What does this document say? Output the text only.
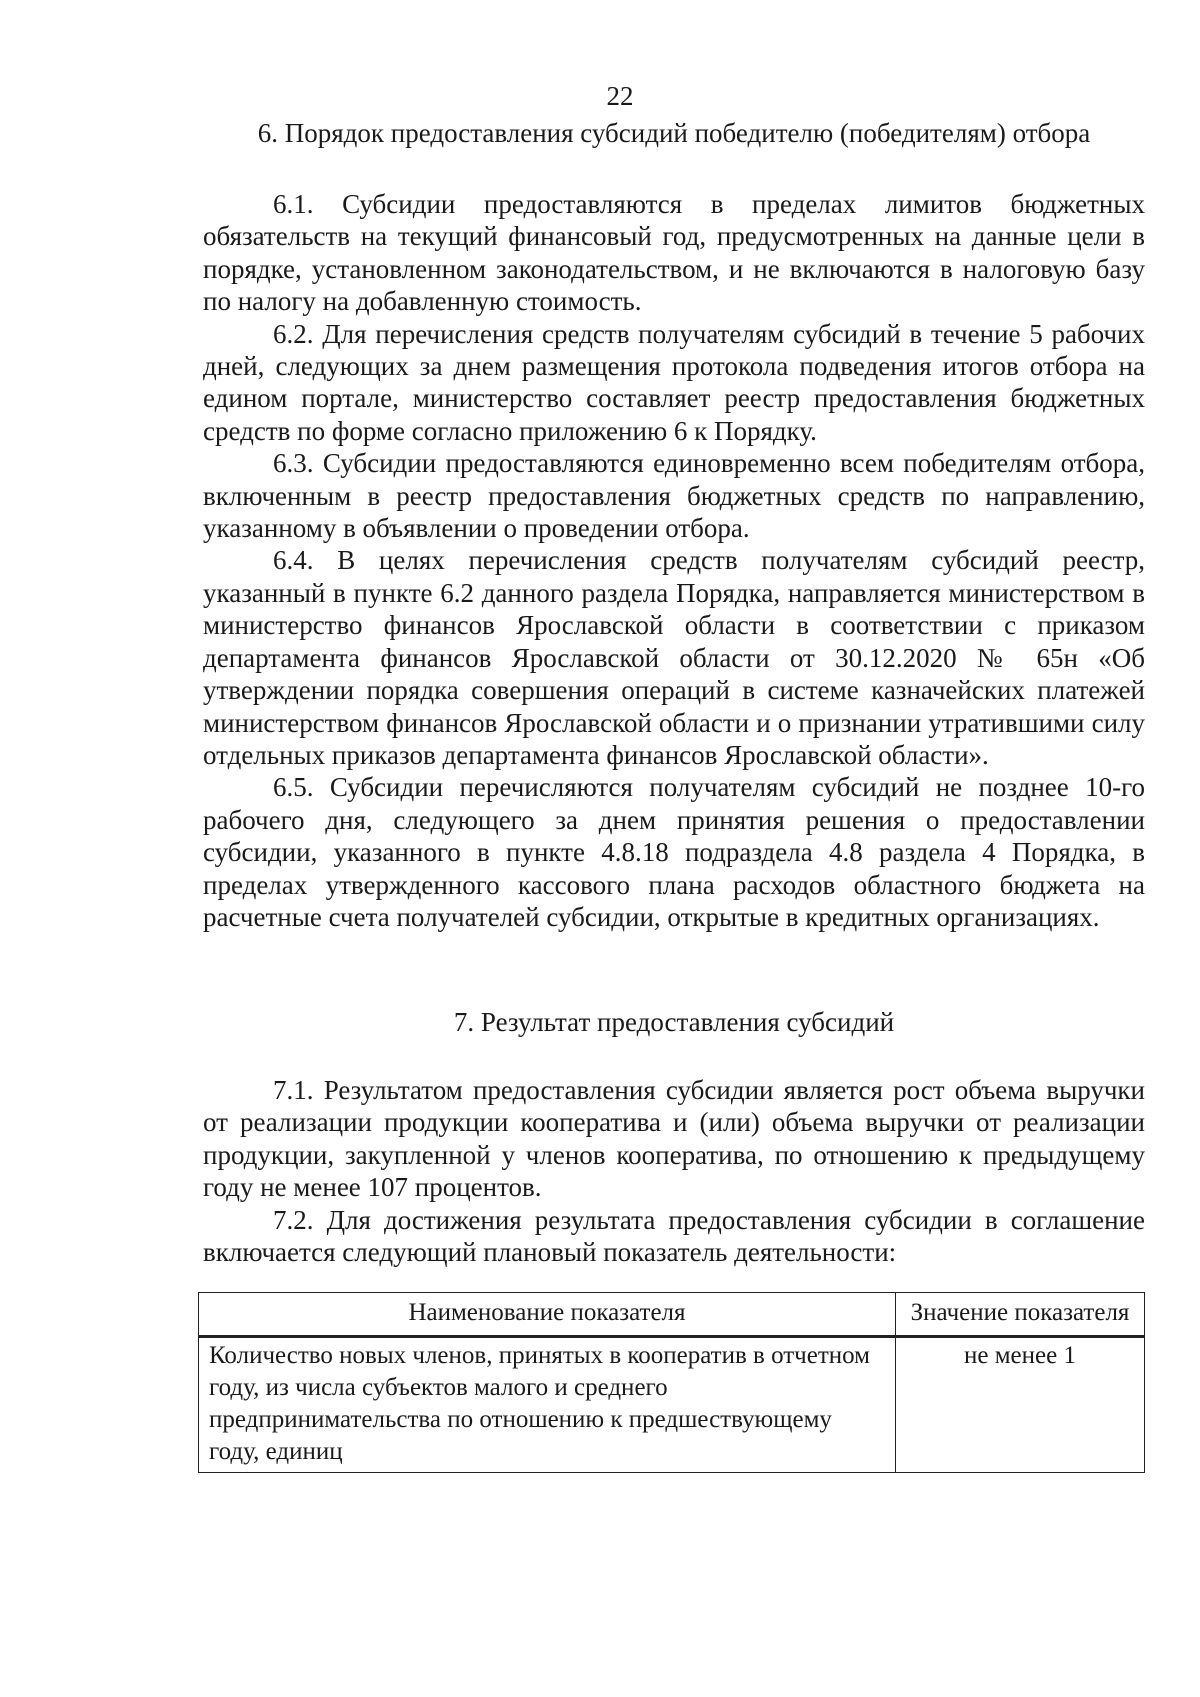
22
6. Порядок предоставления субсидий победителю (победителям) отбора

6.1. Субсидии предоставляются в пределах лимитов бюджетных обязательств на текущий финансовый год, предусмотренных на данные цели в порядке, установленном законодательством, и не включаются в налоговую базу по налогу на добавленную стоимость.

6.2. Для перечисления средств получателям субсидий в течение 5 рабочих дней, следующих за днем размещения протокола подведения итогов отбора на едином портале, министерство составляет реестр предоставления бюджетных средств по форме согласно приложению 6 к Порядку.

6.3. Субсидии предоставляются единовременно всем победителям отбора, включенным в реестр предоставления бюджетных средств по направлению, указанному в объявлении о проведении отбора.

6.4. В целях перечисления средств получателям субсидий реестр, указанный в пункте 6.2 данного раздела Порядка, направляется министерством в министерство финансов Ярославской области в соответствии с приказом департамента финансов Ярославской области от 30.12.2020 № 65н «Об утверждении порядка совершения операций в системе казначейских платежей министерством финансов Ярославской области и о признании утратившими силу отдельных приказов департамента финансов Ярославской области».

6.5. Субсидии перечисляются получателям субсидий не позднее 10-го рабочего дня, следующего за днем принятия решения о предоставлении субсидии, указанного в пункте 4.8.18 подраздела 4.8 раздела 4 Порядка, в пределах утвержденного кассового плана расходов областного бюджета на расчетные счета получателей субсидии, открытые в кредитных организациях.

7. Результат предоставления субсидий

7.1. Результатом предоставления субсидии является рост объема выручки от реализации продукции кооператива и (или) объема выручки от реализации продукции, закупленной у членов кооператива, по отношению к предыдущему году не менее 107 процентов.

7.2. Для достижения результата предоставления субсидии в соглашение включается следующий плановый показатель деятельности:

Наименование показателя	Значение показателя
Количество новых членов, принятых в кооператив в отчетном году, из числа субъектов малого и среднего предпринимательства по отношению к предшествующему году, единиц	не менее 1
